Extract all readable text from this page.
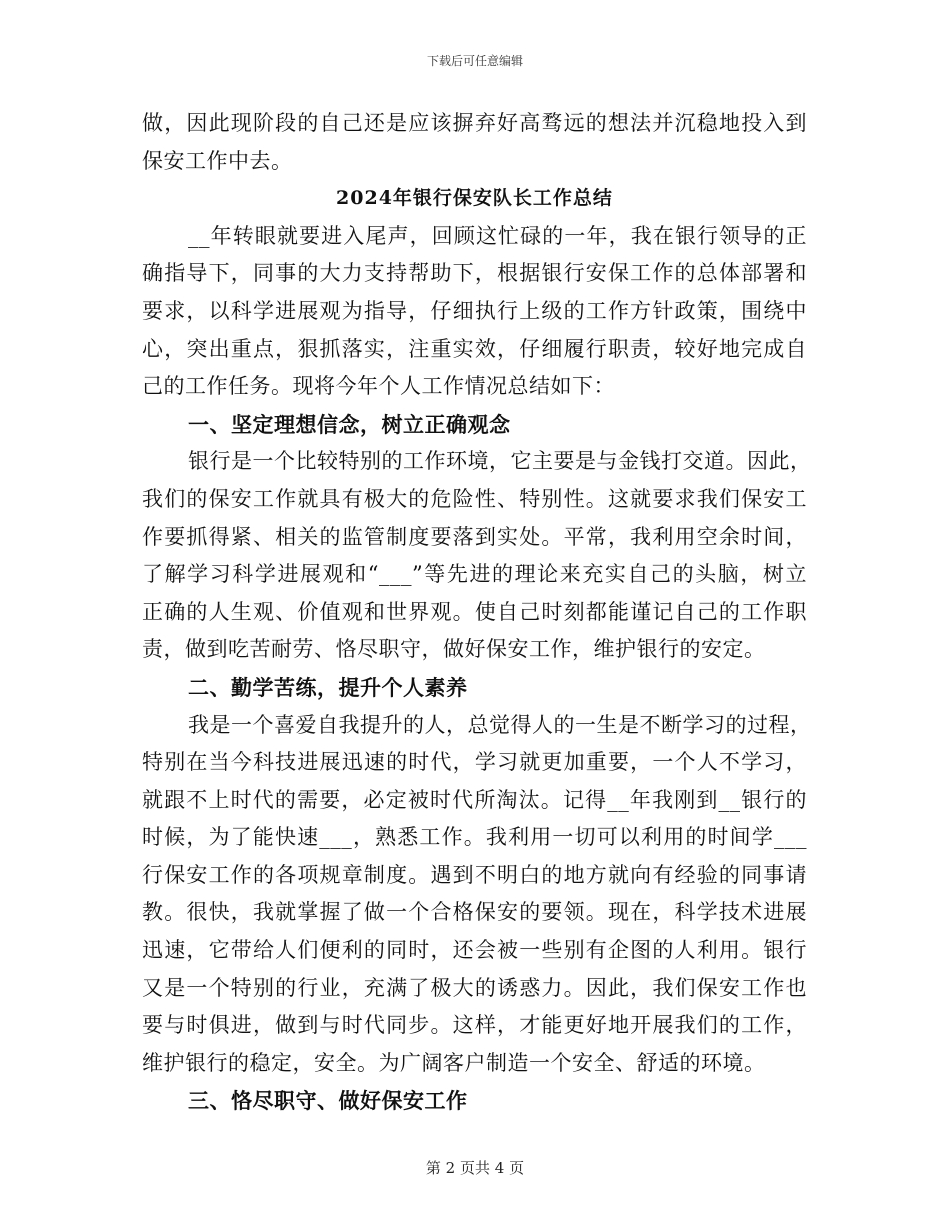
下载后可任意编辑
做，因此现阶段的自己还是应该摒弃好高骛远的想法并沉稳地投入到
保安工作中去。
2024年银行保安队长工作总结
__年转眼就要进入尾声，回顾这忙碌的一年，我在银行领导的正
确指导下，同事的大力支持帮助下，根据银行安保工作的总体部署和
要求，以科学进展观为指导，仔细执行上级的工作方针政策，围绕中
心，突出重点，狠抓落实，注重实效，仔细履行职责，较好地完成自
己的工作任务。现将今年个人工作情况总结如下：
一、坚定理想信念，树立正确观念
银行是一个比较特别的工作环境，它主要是与金钱打交道。因此，
我们的保安工作就具有极大的危险性、特别性。这就要求我们保安工
作要抓得紧、相关的监管制度要落到实处。平常，我利用空余时间，
了解学习科学进展观和“___”等先进的理论来充实自己的头脑，树立
正确的人生观、价值观和世界观。使自己时刻都能谨记自己的工作职
责，做到吃苦耐劳、恪尽职守，做好保安工作，维护银行的安定。
二、勤学苦练，提升个人素养
我是一个喜爱自我提升的人，总觉得人的一生是不断学习的过程，
特别在当今科技进展迅速的时代，学习就更加重要，一个人不学习，
就跟不上时代的需要，必定被时代所淘汰。记得__年我刚到__银行的
时候，为了能快速___，熟悉工作。我利用一切可以利用的时间学___
行保安工作的各项规章制度。遇到不明白的地方就向有经验的同事请
教。很快，我就掌握了做一个合格保安的要领。现在，科学技术进展
迅速，它带给人们便利的同时，还会被一些别有企图的人利用。银行
又是一个特别的行业，充满了极大的诱惑力。因此，我们保安工作也
要与时俱进，做到与时代同步。这样，才能更好地开展我们的工作，
维护银行的稳定，安全。为广阔客户制造一个安全、舒适的环境。
三、恪尽职守、做好保安工作
第 2 页共 4 页
